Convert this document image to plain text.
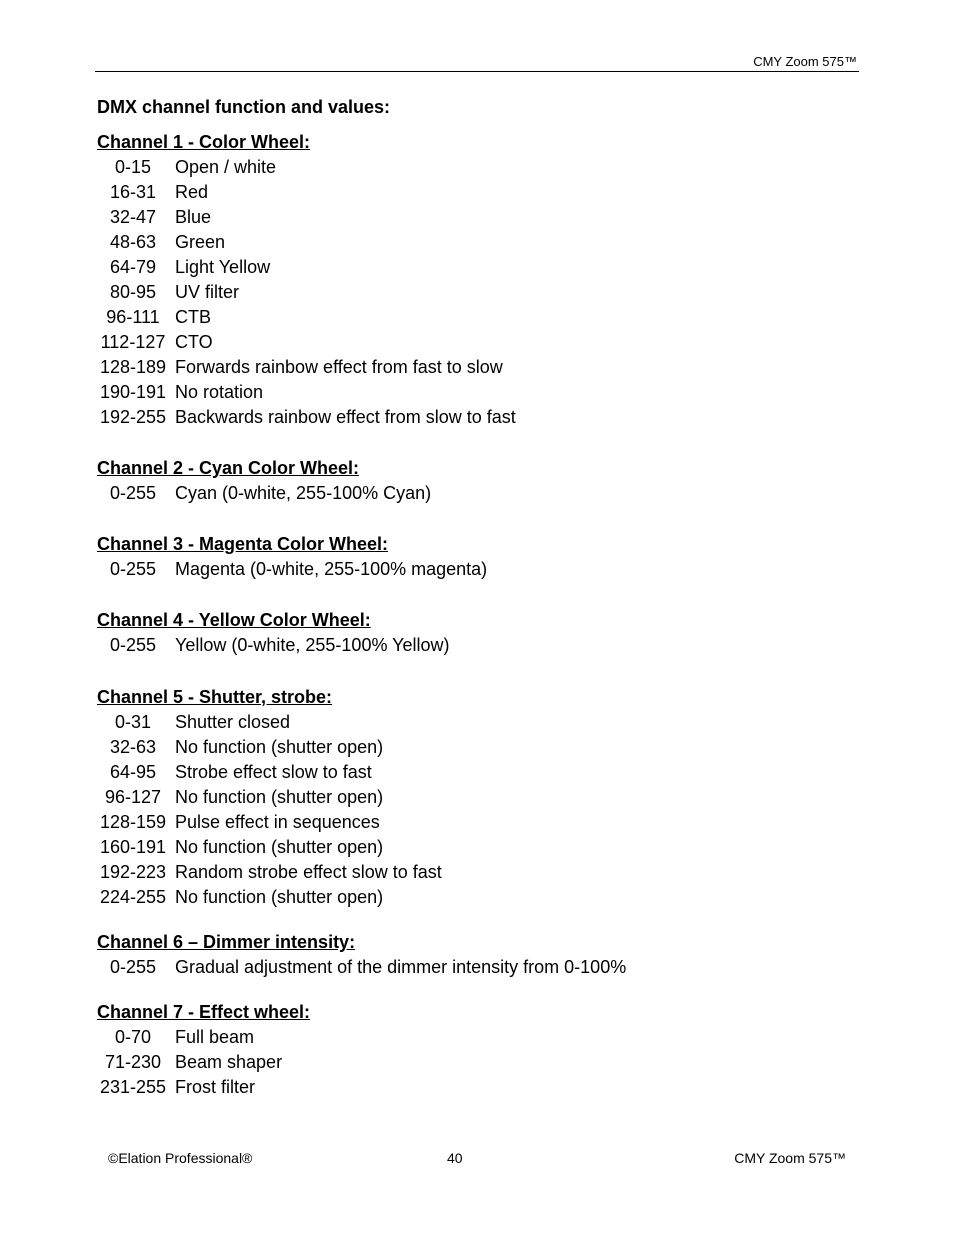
CMY Zoom 575™
DMX channel function and values:
Channel 1 - Color Wheel:
0-15 Open / white
16-31 Red
32-47 Blue
48-63 Green
64-79 Light Yellow
80-95 UV filter
96-111 CTB
112-127 CTO
128-189 Forwards rainbow effect from fast to slow
190-191 No rotation
192-255 Backwards rainbow effect from slow to fast
Channel 2 - Cyan Color Wheel:
0-255 Cyan (0-white, 255-100% Cyan)
Channel 3 - Magenta Color Wheel:
0-255 Magenta (0-white, 255-100% magenta)
Channel 4 - Yellow Color Wheel:
0-255 Yellow (0-white, 255-100% Yellow)
Channel 5 - Shutter, strobe:
0-31 Shutter closed
32-63 No function (shutter open)
64-95 Strobe effect slow to fast
96-127 No function (shutter open)
128-159 Pulse effect in sequences
160-191 No function (shutter open)
192-223 Random strobe effect slow to fast
224-255 No function (shutter open)
Channel 6 – Dimmer intensity:
0-255 Gradual adjustment of the dimmer intensity from 0-100%
Channel 7 - Effect wheel:
0-70 Full beam
71-230 Beam shaper
231-255 Frost filter
©Elation Professional®	40	CMY Zoom 575™
